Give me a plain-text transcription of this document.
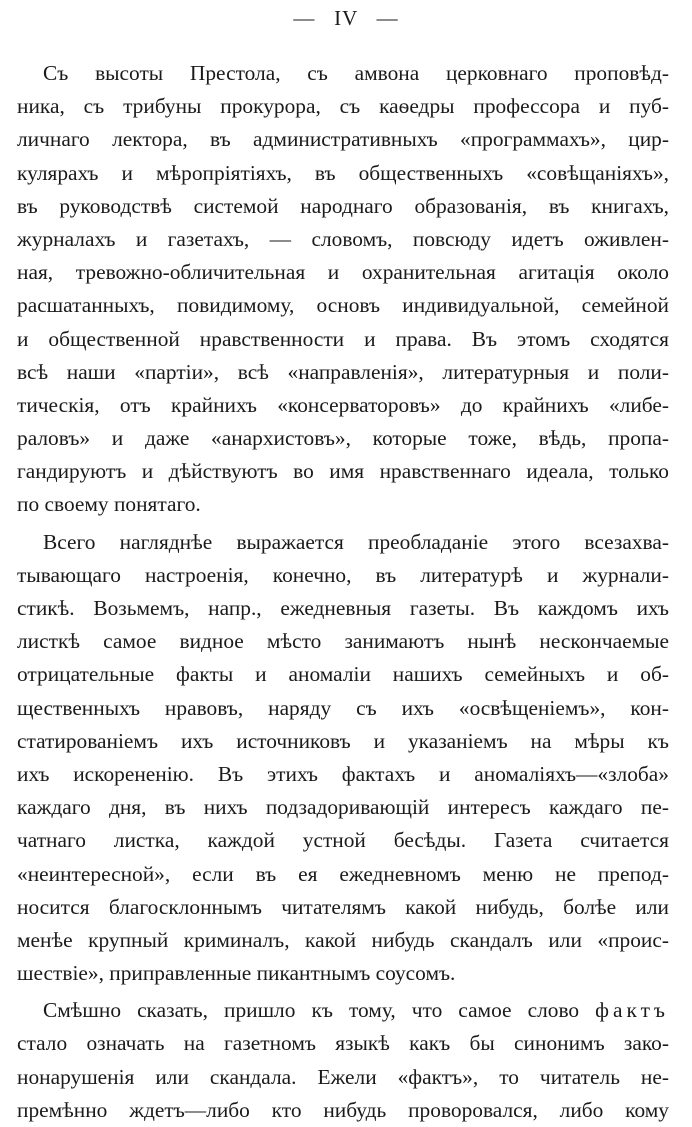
—   IV   —
Съ высоты Престола, съ амвона церковнаго проповѣд-
ника, съ трибуны прокурора, съ каѳедры профессора и пуб-
личнаго лектора, въ административныхъ «программахъ», цир-
кулярахъ и мѣропріятіяхъ, въ общественныхъ «совѣщаніяхъ»,
въ руководствѣ системой народнаго образованія, въ книгахъ,
журналахъ и газетахъ, — словомъ, повсюду идетъ оживлен-
ная, тревожно-обличительная и охранительная агитація около
расшатанныхъ, повидимому, основъ индивидуальной, семейной
и общественной нравственности и права. Въ этомъ сходятся
всѣ наши «партіи», всѣ «направленія», литературныя и поли-
тическія, отъ крайнихъ «консерваторовъ» до крайнихъ «либе-
раловъ» и даже «анархистовъ», которые тоже, вѣдь, пропа-
гандируютъ и дѣйствуютъ во имя нравственнаго идеала, только
по своему понятаго.
Всего нагляднѣе выражается преобладаніе этого всезахва-
тывающаго настроенія, конечно, въ литературѣ и журнали-
стикѣ. Возьмемъ, напр., ежедневныя газеты. Въ каждомъ ихъ
листкѣ самое видное мѣсто занимаютъ нынѣ нескончаемые
отрицательные факты и аномаліи нашихъ семейныхъ и об-
щественныхъ нравовъ, наряду съ ихъ «освѣщеніемъ», кон-
статированіемъ ихъ источниковъ и указаніемъ на мѣры къ
ихъ искорененію. Въ этихъ фактахъ и аномаліяхъ—«злоба»
каждаго дня, въ нихъ подзадоривающій интересъ каждаго пе-
чатнаго листка, каждой устной бесѣды. Газета считается
«неинтересной», если въ ея ежедневномъ меню не препод-
носится благосклоннымъ читателямъ какой нибудь, болѣе или
менѣе крупный криминалъ, какой нибудь скандалъ или «проис-
шествіе», приправленные пикантнымъ соусомъ.
Смѣшно сказать, пришло къ тому, что самое слово фактъ
стало означать на газетномъ языкѣ какъ бы синонимъ зако-
нонарушенія или скандала. Ежели «фактъ», то читатель не-
премѣнно ждетъ—либо кто нибудь проворовался, либо кому
